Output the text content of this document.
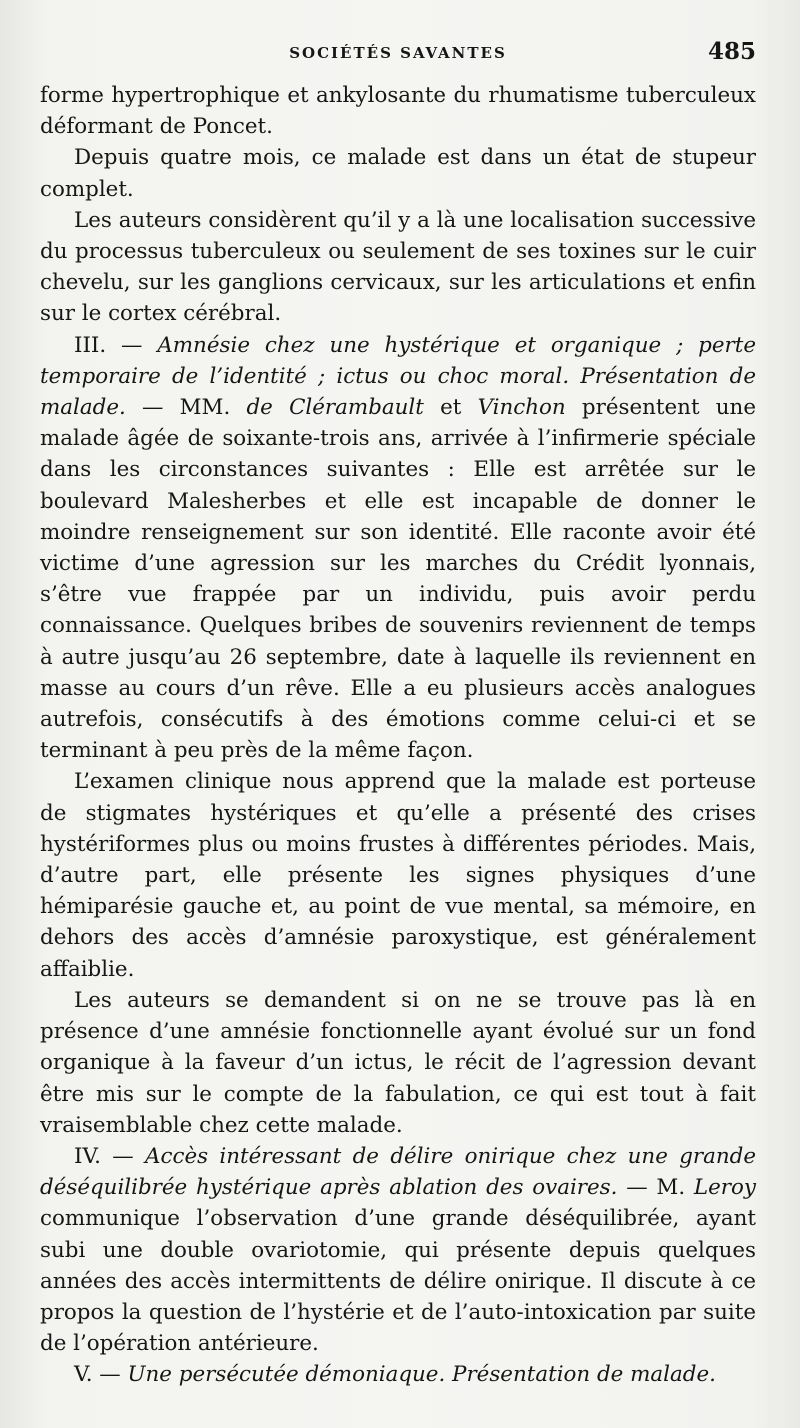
SOCIÉTÉS SAVANTES	485

forme hypertrophique et ankylosante du rhumatisme tuberculeux déformant de Poncet.

Depuis quatre mois, ce malade est dans un état de stupeur complet.

Les auteurs considèrent qu’il y a là une localisation successive du processus tuberculeux ou seulement de ses toxines sur le cuir chevelu, sur les ganglions cervicaux, sur les articulations et enfin sur le cortex cérébral.

III. — Amnésie chez une hystérique et organique ; perte temporaire de l’identité ; ictus ou choc moral. Présentation de malade. — MM. de Clérambault et Vinchon présentent une malade âgée de soixante-trois ans, arrivée à l’infirmerie spéciale dans les circonstances suivantes : Elle est arrêtée sur le boulevard Malesherbes et elle est incapable de donner le moindre renseignement sur son identité. Elle raconte avoir été victime d’une agression sur les marches du Crédit lyonnais, s’être vue frappée par un individu, puis avoir perdu connaissance. Quelques bribes de souvenirs reviennent de temps à autre jusqu’au 26 septembre, date à laquelle ils reviennent en masse au cours d’un rêve. Elle a eu plusieurs accès analogues autrefois, consécutifs à des émotions comme celui-ci et se terminant à peu près de la même façon.

L’examen clinique nous apprend que la malade est porteuse de stigmates hystériques et qu’elle a présenté des crises hystériformes plus ou moins frustes à différentes périodes. Mais, d’autre part, elle présente les signes physiques d’une hémiparésie gauche et, au point de vue mental, sa mémoire, en dehors des accès d’amnésie paroxystique, est généralement affaiblie.

Les auteurs se demandent si on ne se trouve pas là en présence d’une amnésie fonctionnelle ayant évolué sur un fond organique à la faveur d’un ictus, le récit de l’agression devant être mis sur le compte de la fabulation, ce qui est tout à fait vraisemblable chez cette malade.

IV. — Accès intéressant de délire onirique chez une grande déséquilibrée hystérique après ablation des ovaires. — M. Leroy communique l’observation d’une grande déséquilibrée, ayant subi une double ovariotomie, qui présente depuis quelques années des accès intermittents de délire onirique. Il discute à ce propos la question de l’hystérie et de l’auto-intoxication par suite de l’opération antérieure.

V. — Une persécutée démoniaque. Présentation de malade.
